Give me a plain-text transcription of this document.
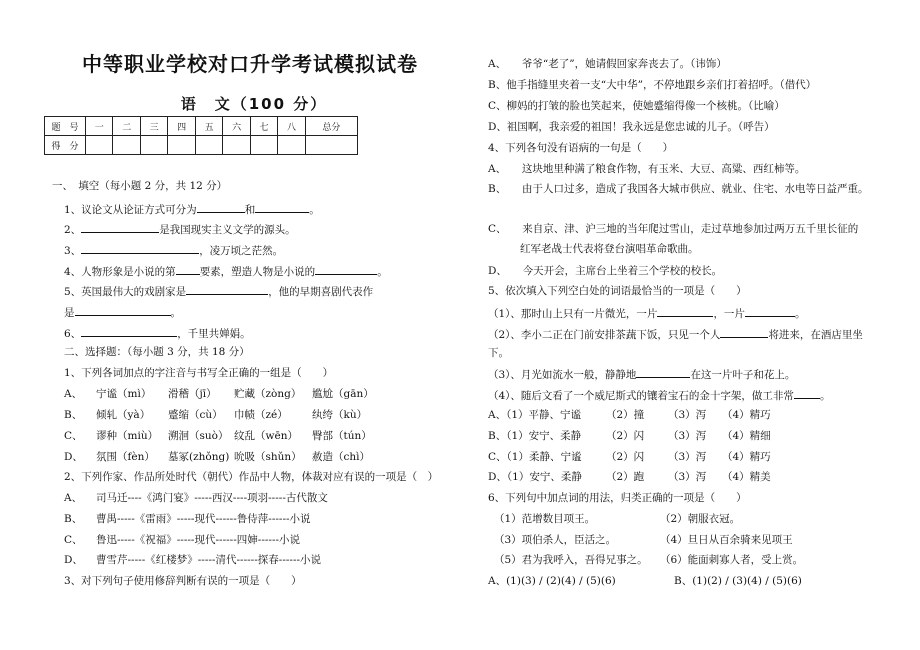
中等职业学校对口升学考试模拟试卷
语　文（100 分）
题　号	一	二	三	四	五	六	七	八	总分
得　分									
一、　填空（每小题 2 分，共 12 分）
1、议论文从论证方式可分为	和	。
2、	是我国现实主义文学的源头。
3、	，凌万顷之茫然。
4、人物形象是小说的第 要素，塑造人物是小说的	。
5、英国最伟大的戏剧家是	，他的早期喜剧代表作
是	。
6、	，千里共婵娟。
二、选择题：（每小题 3 分，共 18 分）
1、下列各词加点的字注音与书写全正确的一组是（　　）
A、 宁谧（mì） 滑稽（jī） 贮藏（zòng） 尴尬（gān）
B、 倾轧（yà） 蹙缩（cù） 巾帻（zé） 纨绔（kù）
C、 谬种（miù） 溯洄（suò） 纹乱（wēn） 臀部（tún）
D、 氛围（fèn） 墓冢(zhǒng) 吮吸（shǔn） 赦造（chì）
2、下列作家、作品所处时代（朝代）作品中人物，体裁对应有误的一项是（　）
A、 司马迁----《鸿门宴》-----西汉----项羽-----古代散文
B、 曹禺-----《雷雨》-----现代------鲁侍萍------小说
C、 鲁迅-----《祝福》-----现代------四婶------小说
D、 曹雪芹-----《红楼梦》-----清代------探春------小说
3、对下列句子使用修辞判断有误的一项是（　　）
A、　　爷爷“老了”，她请假回家奔丧去了。（讳饰）
B、他手指缝里夹着一支“大中华”，不停地跟乡亲们打着招呼。（借代）
C、柳妈的打皱的脸也笑起来，使她蹙缩得像一个核桃。（比喻）
D、祖国啊，我亲爱的祖国！我永远是您忠诚的儿子。（呼告）
4、下列各句没有语病的一句是（　　）
A、　　这块地里种满了粮食作物，有玉米、大豆、高粱、西红柿等。
B、　　由于人口过多，造成了我国各大城市供应、就业、住宅、水电等日益严重。
C、　　来自京、津、沪三地的当年爬过雪山，走过草地参加过两万五千里长征的
红军老战士代表将登台演唱革命歌曲。
D、　　今天开会，主席台上坐着三个学校的校长。
5、依次填入下列空白处的词语最恰当的一项是（　　）
（1）、那时山上只有一片微光，一片	，一片	。
（2）、李小二正在门前安排茶蔬下饭，只见一个人	将进来，在酒店里坐
下。
（3）、月光如流水一般，静静地	在这一片叶子和花上。
（4）、随后文看了一个威尼斯式的镶着宝石的金十字架，做工非常 。
A、（1）平静、宁谧 （2）撞 （3）泻 （4）精巧
B、（1）安宁、柔静 （2）闪 （3）泻 （4）精细
C、（1）柔静、宁谧 （2）闪 （3）泻 （4）精巧
D、（1）安宁、柔静 （2）跑 （3）泻 （4）精美
6、下列句中加点词的用法，归类正确的一项是（　　）
（1）范增数目项王。	（2）朝服衣冠。
（3）项伯杀人，臣活之。	（4）旦日从百余骑来见项王
（5）君为我呼入，吾得兄事之。 （6）能面刺寡人者，受上赏。
A、(1)(3) / (2)(4) / (5)(6)	B、(1)(2) / (3)(4) / (5)(6)
